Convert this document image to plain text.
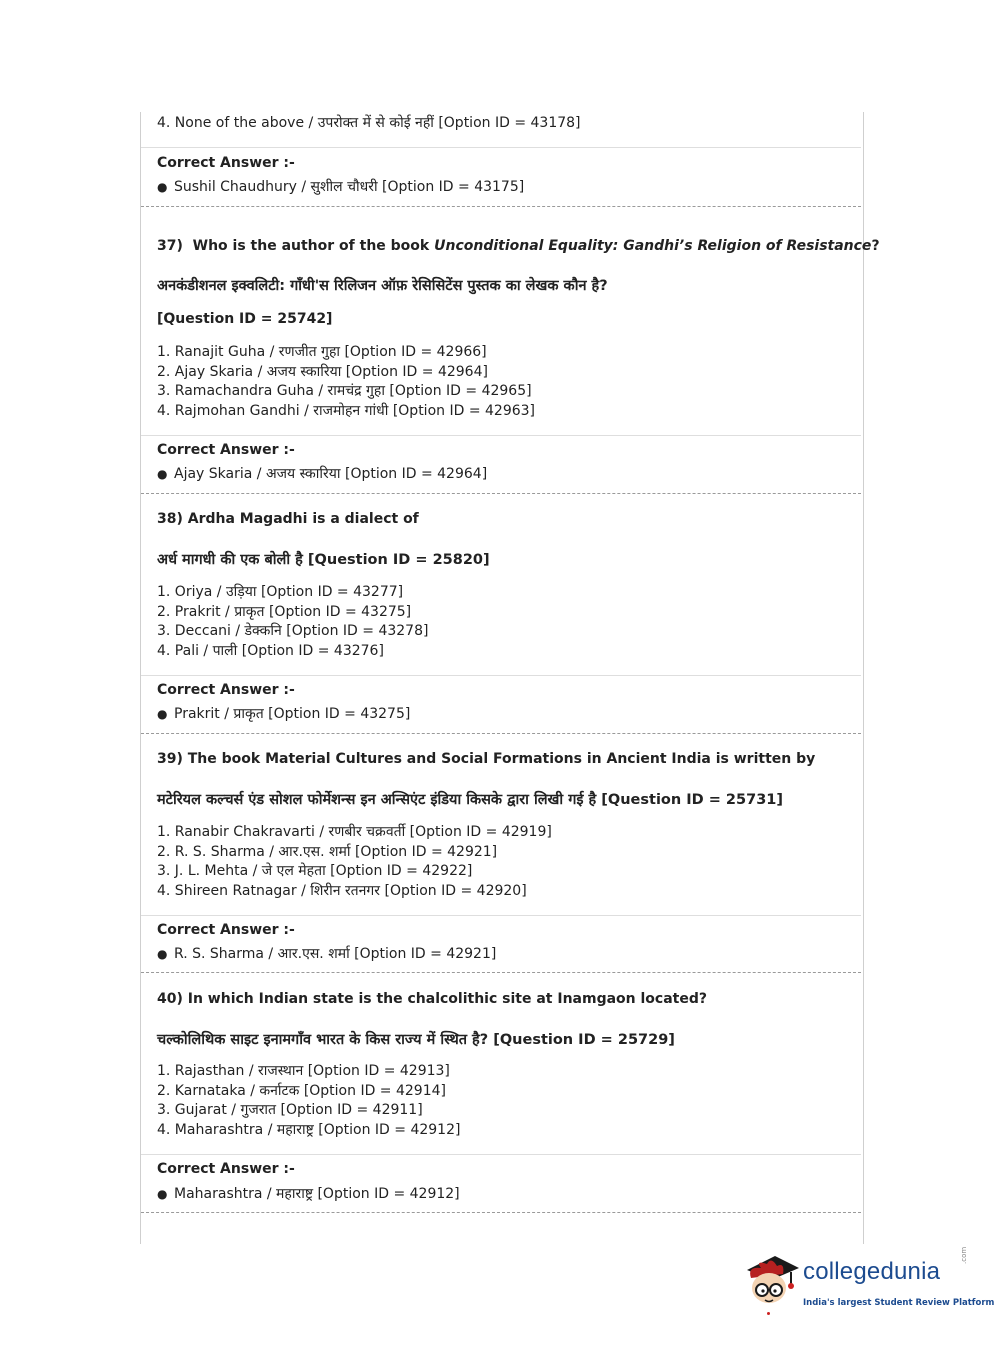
4. None of the above / उपरोक्त में से कोई नहीं [Option ID = 43178]
Correct Answer :-
● Sushil Chaudhury / सुशील चौधरी [Option ID = 43175]
37) Who is the author of the book Unconditional Equality: Gandhi’s Religion of Resistance?
अनकंडीशनल इक्वलिटी: गाँधी'स रिलिजन ऑफ़ रेसिसिटेंस पुस्तक का लेखक कौन है?
[Question ID = 25742]
1. Ranajit Guha / रणजीत गुहा [Option ID = 42966]
2. Ajay Skaria / अजय स्कारिया [Option ID = 42964]
3. Ramachandra Guha / रामचंद्र गुहा [Option ID = 42965]
4. Rajmohan Gandhi / राजमोहन गांधी [Option ID = 42963]
Correct Answer :-
● Ajay Skaria / अजय स्कारिया [Option ID = 42964]
38) Ardha Magadhi is a dialect of
अर्ध मागधी की एक बोली है [Question ID = 25820]
1. Oriya / उड़िया [Option ID = 43277]
2. Prakrit / प्राकृत [Option ID = 43275]
3. Deccani / डेक्कनि [Option ID = 43278]
4. Pali / पाली [Option ID = 43276]
Correct Answer :-
● Prakrit / प्राकृत [Option ID = 43275]
39) The book Material Cultures and Social Formations in Ancient India is written by
मटेरियल कल्चर्स एंड सोशल फोर्मेशन्स इन अन्सिएंट इंडिया किसके द्वारा लिखी गई है [Question ID = 25731]
1. Ranabir Chakravarti / रणबीर चक्रवर्ती [Option ID = 42919]
2. R. S. Sharma / आर.एस. शर्मा [Option ID = 42921]
3. J. L. Mehta / जे एल मेहता [Option ID = 42922]
4. Shireen Ratnagar / शिरीन रतनगर [Option ID = 42920]
Correct Answer :-
● R. S. Sharma / आर.एस. शर्मा [Option ID = 42921]
40) In which Indian state is the chalcolithic site at Inamgaon located?
चल्कोलिथिक साइट इनामगाँव भारत के किस राज्य में स्थित है? [Question ID = 25729]
1. Rajasthan / राजस्थान [Option ID = 42913]
2. Karnataka / कर्नाटक [Option ID = 42914]
3. Gujarat / गुजरात [Option ID = 42911]
4. Maharashtra / महाराष्ट्र [Option ID = 42912]
Correct Answer :-
● Maharashtra / महाराष्ट्र [Option ID = 42912]
collegedunia
.com
India's largest Student Review Platform
